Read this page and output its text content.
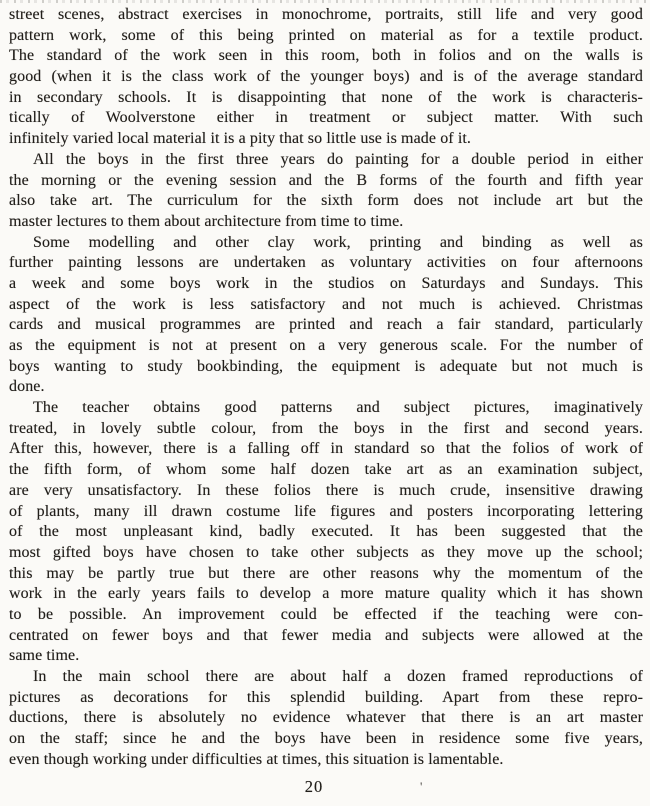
street scenes, abstract exercises in monochrome, portraits, still life and very good
pattern work, some of this being printed on material as for a textile product.
The standard of the work seen in this room, both in folios and on the walls is
good (when it is the class work of the younger boys) and is of the average standard
in secondary schools. It is disappointing that none of the work is characteris-
tically of Woolverstone either in treatment or subject matter. With such
infinitely varied local material it is a pity that so little use is made of it.

All the boys in the first three years do painting for a double period in either
the morning or the evening session and the B forms of the fourth and fifth year
also take art. The curriculum for the sixth form does not include art but the
master lectures to them about architecture from time to time.

Some modelling and other clay work, printing and binding as well as
further painting lessons are undertaken as voluntary activities on four afternoons
a week and some boys work in the studios on Saturdays and Sundays. This
aspect of the work is less satisfactory and not much is achieved. Christmas
cards and musical programmes are printed and reach a fair standard, particularly
as the equipment is not at present on a very generous scale. For the number of
boys wanting to study bookbinding, the equipment is adequate but not much is
done.

The teacher obtains good patterns and subject pictures, imaginatively
treated, in lovely subtle colour, from the boys in the first and second years.
After this, however, there is a falling off in standard so that the folios of work of
the fifth form, of whom some half dozen take art as an examination subject,
are very unsatisfactory. In these folios there is much crude, insensitive drawing
of plants, many ill drawn costume life figures and posters incorporating lettering
of the most unpleasant kind, badly executed. It has been suggested that the
most gifted boys have chosen to take other subjects as they move up the school;
this may be partly true but there are other reasons why the momentum of the
work in the early years fails to develop a more mature quality which it has shown
to be possible. An improvement could be effected if the teaching were con-
centrated on fewer boys and that fewer media and subjects were allowed at the
same time.

In the main school there are about half a dozen framed reproductions of
pictures as decorations for this splendid building. Apart from these repro-
ductions, there is absolutely no evidence whatever that there is an art master
on the staff; since he and the boys have been in residence some five years,
even though working under difficulties at times, this situation is lamentable.

20	'
